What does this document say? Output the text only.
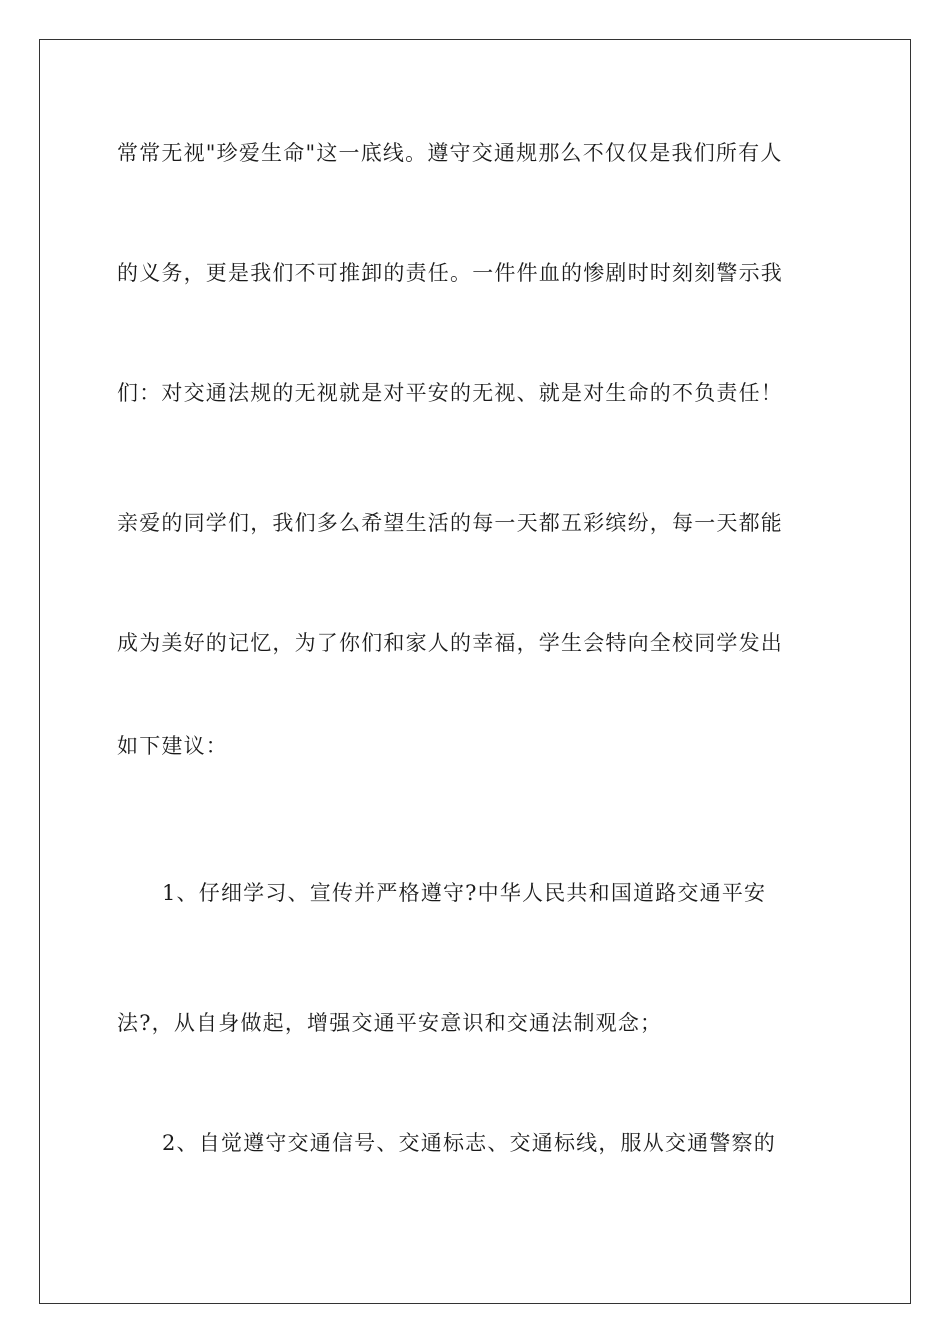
常常无视"珍爱生命"这一底线。遵守交通规那么不仅仅是我们所有人
的义务，更是我们不可推卸的责任。一件件血的惨剧时时刻刻警示我
们：对交通法规的无视就是对平安的无视、就是对生命的不负责任！
亲爱的同学们，我们多么希望生活的每一天都五彩缤纷，每一天都能
成为美好的记忆，为了你们和家人的幸福，学生会特向全校同学发出
如下建议：
1、仔细学习、宣传并严格遵守?中华人民共和国道路交通平安
法?，从自身做起，增强交通平安意识和交通法制观念；
2、自觉遵守交通信号、交通标志、交通标线，服从交通警察的
